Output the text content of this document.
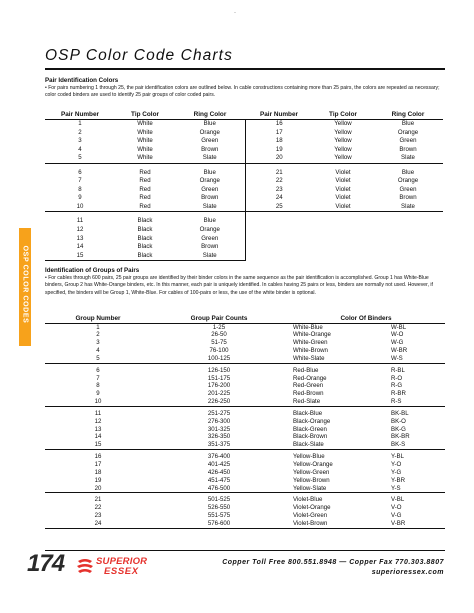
-
OSP Color Code Charts
OSP COLOR CODES
Pair Identification Colors
• For pairs numbering 1 through 25, the pair identification colors are outlined below. In cable constructions containing more than 25 pairs, the colors are repeated as necessary; color coded binders are used to identify 25 pair groups of color coded pairs.
Pair Number	Tip Color	Ring Color	Pair Number	Tip Color	Ring Color
1	White	Blue	16	Yellow	Blue
2	White	Orange	17	Yellow	Orange
3	White	Green	18	Yellow	Green
4	White	Brown	19	Yellow	Brown
5	White	Slate	20	Yellow	Slate

6	Red	Blue	21	Violet	Blue
7	Red	Orange	22	Violet	Orange
8	Red	Green	23	Violet	Green
9	Red	Brown	24	Violet	Brown
10	Red	Slate	25	Violet	Slate

11	Black	Blue			
12	Black	Orange			
13	Black	Green			
14	Black	Brown			
15	Black	Slate			
Identification of Groups of Pairs
• For cables through 600 pairs, 25 pair groups are identified by their binder colors in the same sequence as the pair identification is accomplished. Group 1 has White-Blue binders, Group 2 has White-Orange binders, etc. In this manner, each pair is uniquely identified. In cables having 25 pairs or less, binders are normally not used. However, if specified, the binders will be Group 1, White-Blue. For cables of 100-pairs or less, the use of the white binder is optional.
Group Number	Group Pair Counts	Color Of Binders	
1	1-25	White-Blue	W-BL
2	26-50	White-Orange	W-O
3	51-75	White-Green	W-G
4	76-100	White-Brown	W-BR
5	100-125	White-Slate	W-S

6	126-150	Red-Blue	R-BL
7	151-175	Red-Orange	R-O
8	176-200	Red-Green	R-G
9	201-225	Red-Brown	R-BR
10	226-250	Red-Slate	R-S

11	251-275	Black-Blue	BK-BL
12	276-300	Black-Orange	BK-O
13	301-325	Black-Green	BK-G
14	326-350	Black-Brown	BK-BR
15	351-375	Black-Slate	BK-S

16	376-400	Yellow-Blue	Y-BL
17	401-425	Yellow-Orange	Y-O
18	426-450	Yellow-Green	Y-G
19	451-475	Yellow-Brown	Y-BR
20	476-500	Yellow-Slate	Y-S

21	501-525	Violet-Blue	V-BL
22	526-550	Violet-Orange	V-O
23	551-575	Violet-Green	V-G
24	576-600	Violet-Brown	V-BR
174	SUPERIOR
ESSEX
Copper Toll Free 800.551.8948 — Copper Fax 770.303.8807
superioressex.com
